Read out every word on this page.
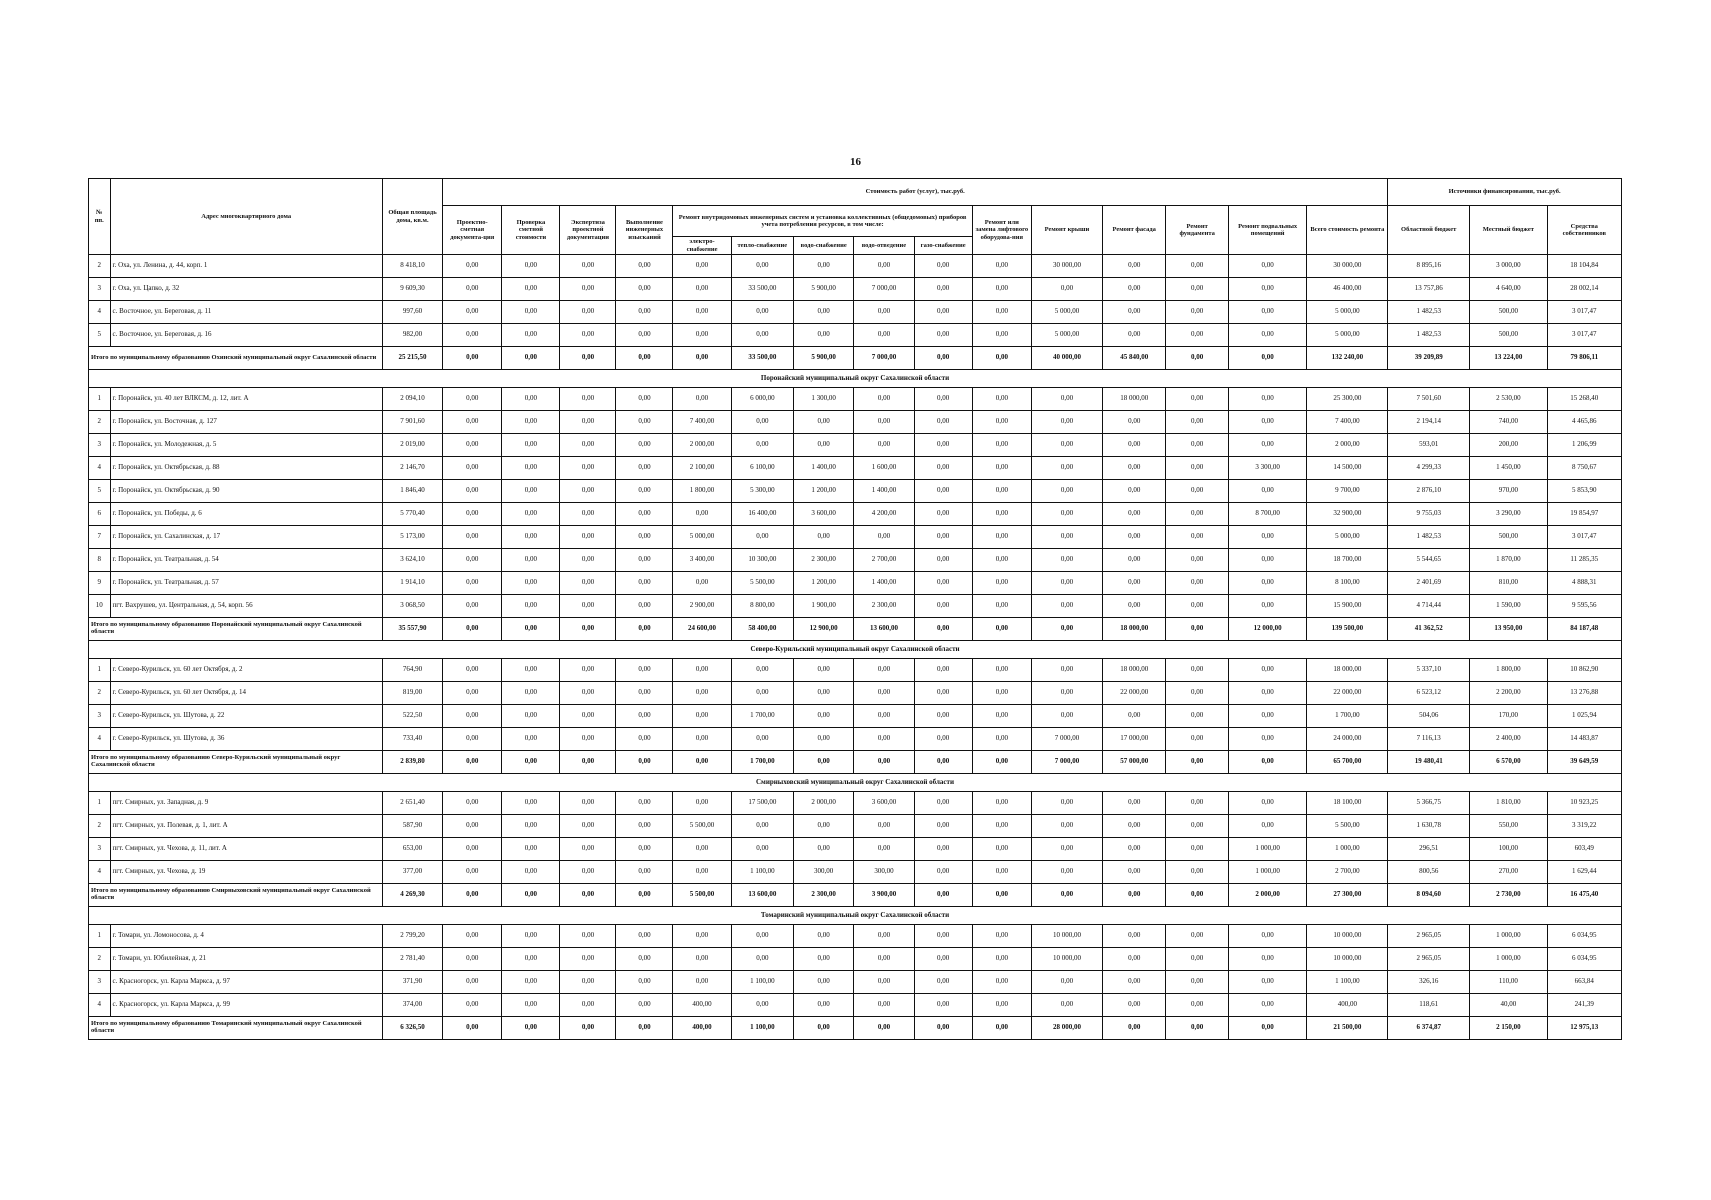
16
№ пп.	Адрес многоквартирного дома	Общая площадь дома, кв.м.	Стоимость работ (услуг), тыс.руб.															Источники финансирования, тыс.руб.		
			Проектно-сметная документа-ция	Проверка сметной стоимости	Экспертиза проектной документации	Выполнение инженерных изысканий	Ремонт внутридомовых инженерных систем и установка коллективных (общедомовых) приборов учета потребления ресурсов, в том числе:					Ремонт или замена лифтового оборудова-ния	Ремонт крыши	Ремонт фасада	Ремонт фундамента	Ремонт подвальных помещений	Всего стоимость ремонта	Областной бюджет	Местный бюджет	Средства собственников
							электро-снабжение	тепло-снабжение	водо-снабжение	водо-отведение	газо-снабжение									
2	г. Оха, ул. Ленина, д. 44, корп. 1	8 418,10	0,00	0,00	0,00	0,00	0,00	0,00	0,00	0,00	0,00	0,00	30 000,00	0,00	0,00	0,00	30 000,00	8 895,16	3 000,00	18 104,84
3	г. Оха, ул. Цапко, д. 32	9 609,30	0,00	0,00	0,00	0,00	0,00	33 500,00	5 900,00	7 000,00	0,00	0,00	0,00	0,00	0,00	0,00	46 400,00	13 757,86	4 640,00	28 002,14
4	с. Восточное, ул. Береговая, д. 11	997,60	0,00	0,00	0,00	0,00	0,00	0,00	0,00	0,00	0,00	0,00	5 000,00	0,00	0,00	0,00	5 000,00	1 482,53	500,00	3 017,47
5	с. Восточное, ул. Береговая, д. 16	982,00	0,00	0,00	0,00	0,00	0,00	0,00	0,00	0,00	0,00	0,00	5 000,00	0,00	0,00	0,00	5 000,00	1 482,53	500,00	3 017,47
Итого по муниципальному образованию Охинский муниципальный округ Сахалинской области		25 215,50	0,00	0,00	0,00	0,00	0,00	33 500,00	5 900,00	7 000,00	0,00	0,00	40 000,00	45 840,00	0,00	0,00	132 240,00	39 209,89	13 224,00	79 806,11
Поронайский муниципальный округ Сахалинской области																				
1	г. Поронайск, ул. 40 лет ВЛКСМ, д. 12, лит. А	2 094,10	0,00	0,00	0,00	0,00	0,00	6 000,00	1 300,00	0,00	0,00	0,00	0,00	18 000,00	0,00	0,00	25 300,00	7 501,60	2 530,00	15 268,40
2	г. Поронайск, ул. Восточная, д. 127	7 901,60	0,00	0,00	0,00	0,00	7 400,00	0,00	0,00	0,00	0,00	0,00	0,00	0,00	0,00	0,00	7 400,00	2 194,14	740,00	4 465,86
3	г. Поронайск, ул. Молодежная, д. 5	2 019,00	0,00	0,00	0,00	0,00	2 000,00	0,00	0,00	0,00	0,00	0,00	0,00	0,00	0,00	0,00	2 000,00	593,01	200,00	1 206,99
4	г. Поронайск, ул. Октябрьская, д. 88	2 146,70	0,00	0,00	0,00	0,00	2 100,00	6 100,00	1 400,00	1 600,00	0,00	0,00	0,00	0,00	0,00	3 300,00	14 500,00	4 299,33	1 450,00	8 750,67
5	г. Поронайск, ул. Октябрьская, д. 90	1 846,40	0,00	0,00	0,00	0,00	1 800,00	5 300,00	1 200,00	1 400,00	0,00	0,00	0,00	0,00	0,00	0,00	9 700,00	2 876,10	970,00	5 853,90
6	г. Поронайск, ул. Победы, д. 6	5 770,40	0,00	0,00	0,00	0,00	0,00	16 400,00	3 600,00	4 200,00	0,00	0,00	0,00	0,00	0,00	8 700,00	32 900,00	9 755,03	3 290,00	19 854,97
7	г. Поронайск, ул. Сахалинская, д. 17	5 173,00	0,00	0,00	0,00	0,00	5 000,00	0,00	0,00	0,00	0,00	0,00	0,00	0,00	0,00	0,00	5 000,00	1 482,53	500,00	3 017,47
8	г. Поронайск, ул. Театральная, д. 54	3 624,10	0,00	0,00	0,00	0,00	3 400,00	10 300,00	2 300,00	2 700,00	0,00	0,00	0,00	0,00	0,00	0,00	18 700,00	5 544,65	1 870,00	11 285,35
9	г. Поронайск, ул. Театральная, д. 57	1 914,10	0,00	0,00	0,00	0,00	0,00	5 500,00	1 200,00	1 400,00	0,00	0,00	0,00	0,00	0,00	0,00	8 100,00	2 401,69	810,00	4 888,31
10	пгт. Вахрушев, ул. Центральная, д. 54, корп. 56	3 068,50	0,00	0,00	0,00	0,00	2 900,00	8 800,00	1 900,00	2 300,00	0,00	0,00	0,00	0,00	0,00	0,00	15 900,00	4 714,44	1 590,00	9 595,56
Итого по муниципальному образованию Поронайский муниципальный округ Сахалинской области		35 557,90	0,00	0,00	0,00	0,00	24 600,00	58 400,00	12 900,00	13 600,00	0,00	0,00	0,00	18 000,00	0,00	12 000,00	139 500,00	41 362,52	13 950,00	84 187,48
Северо-Курильский муниципальный округ Сахалинской области																				
1	г. Северо-Курильск, ул. 60 лет Октября, д. 2	764,90	0,00	0,00	0,00	0,00	0,00	0,00	0,00	0,00	0,00	0,00	0,00	18 000,00	0,00	0,00	18 000,00	5 337,10	1 800,00	10 862,90
2	г. Северо-Курильск, ул. 60 лет Октября, д. 14	819,00	0,00	0,00	0,00	0,00	0,00	0,00	0,00	0,00	0,00	0,00	0,00	22 000,00	0,00	0,00	22 000,00	6 523,12	2 200,00	13 276,88
3	г. Северо-Курильск, ул. Шутова, д. 22	522,50	0,00	0,00	0,00	0,00	0,00	1 700,00	0,00	0,00	0,00	0,00	0,00	0,00	0,00	0,00	1 700,00	504,06	170,00	1 025,94
4	г. Северо-Курильск, ул. Шутова, д. 36	733,40	0,00	0,00	0,00	0,00	0,00	0,00	0,00	0,00	0,00	0,00	7 000,00	17 000,00	0,00	0,00	24 000,00	7 116,13	2 400,00	14 483,87
Итого по муниципальному образованию Северо-Курильский муниципальный округ Сахалинской области		2 839,80	0,00	0,00	0,00	0,00	0,00	1 700,00	0,00	0,00	0,00	0,00	7 000,00	57 000,00	0,00	0,00	65 700,00	19 480,41	6 570,00	39 649,59
Смирныховский муниципальный округ Сахалинской области																				
1	пгт. Смирных, ул. Западная, д. 9	2 651,40	0,00	0,00	0,00	0,00	0,00	17 500,00	2 000,00	3 600,00	0,00	0,00	0,00	0,00	0,00	0,00	18 100,00	5 366,75	1 810,00	10 923,25
2	пгт. Смирных, ул. Полевая, д. 1, лит. А	587,90	0,00	0,00	0,00	0,00	5 500,00	0,00	0,00	0,00	0,00	0,00	0,00	0,00	0,00	0,00	5 500,00	1 630,78	550,00	3 319,22
3	пгт. Смирных, ул. Чехова, д. 11, лит. А	653,00	0,00	0,00	0,00	0,00	0,00	0,00	0,00	0,00	0,00	0,00	0,00	0,00	0,00	1 000,00	1 000,00	296,51	100,00	603,49
4	пгт. Смирных, ул. Чехова, д. 19	377,00	0,00	0,00	0,00	0,00	0,00	1 100,00	300,00	300,00	0,00	0,00	0,00	0,00	0,00	1 000,00	2 700,00	800,56	270,00	1 629,44
Итого по муниципальному образованию Смирныховский муниципальный округ Сахалинской области		4 269,30	0,00	0,00	0,00	0,00	5 500,00	13 600,00	2 300,00	3 900,00	0,00	0,00	0,00	0,00	0,00	2 000,00	27 300,00	8 094,60	2 730,00	16 475,40
Томаринский муниципальный округ Сахалинской области																				
1	г. Томари, ул. Ломоносова, д. 4	2 799,20	0,00	0,00	0,00	0,00	0,00	0,00	0,00	0,00	0,00	0,00	10 000,00	0,00	0,00	0,00	10 000,00	2 965,05	1 000,00	6 034,95
2	г. Томари, ул. Юбилейная, д. 21	2 781,40	0,00	0,00	0,00	0,00	0,00	0,00	0,00	0,00	0,00	0,00	10 000,00	0,00	0,00	0,00	10 000,00	2 965,05	1 000,00	6 034,95
3	с. Красногорск, ул. Карла Маркса, д. 97	371,90	0,00	0,00	0,00	0,00	0,00	1 100,00	0,00	0,00	0,00	0,00	0,00	0,00	0,00	0,00	1 100,00	326,16	110,00	663,84
4	с. Красногорск, ул. Карла Маркса, д. 99	374,00	0,00	0,00	0,00	0,00	400,00	0,00	0,00	0,00	0,00	0,00	0,00	0,00	0,00	0,00	400,00	118,61	40,00	241,39
Итого по муниципальному образованию Томаринский муниципальный округ Сахалинской области		6 326,50	0,00	0,00	0,00	0,00	400,00	1 100,00	0,00	0,00	0,00	0,00	28 000,00	0,00	0,00	0,00	21 500,00	6 374,87	2 150,00	12 975,13
